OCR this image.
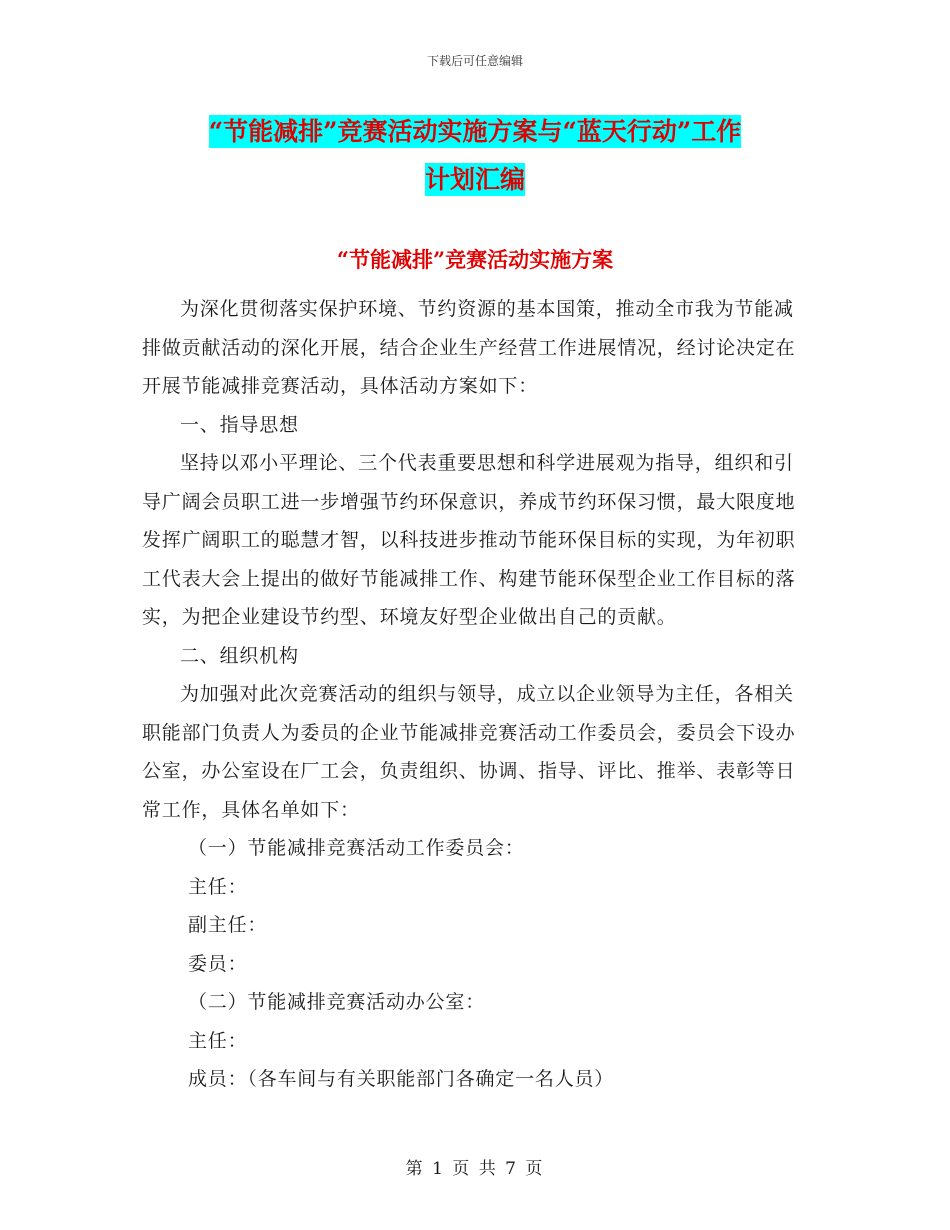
下载后可任意编辑
“节能减排”竞赛活动实施方案与“蓝天行动”工作
计划汇编
“节能减排”竞赛活动实施方案

为深化贯彻落实保护环境、节约资源的基本国策，推动全市我为节能减排做贡献活动的深化开展，结合企业生产经营工作进展情况，经讨论决定在开展节能减排竞赛活动，具体活动方案如下：

一、指导思想

坚持以邓小平理论、三个代表重要思想和科学进展观为指导，组织和引导广阔会员职工进一步增强节约环保意识，养成节约环保习惯，最大限度地发挥广阔职工的聪慧才智，以科技进步推动节能环保目标的实现，为年初职工代表大会上提出的做好节能减排工作、构建节能环保型企业工作目标的落实，为把企业建设节约型、环境友好型企业做出自己的贡献。

二、组织机构

为加强对此次竞赛活动的组织与领导，成立以企业领导为主任，各相关职能部门负责人为委员的企业节能减排竞赛活动工作委员会，委员会下设办公室，办公室设在厂工会，负责组织、协调、指导、评比、推举、表彰等日常工作，具体名单如下：

（一）节能减排竞赛活动工作委员会：

主任：

副主任：

委员：

（二）节能减排竞赛活动办公室：

主任：

成员：（各车间与有关职能部门各确定一名人员）

第 1 页 共 7 页
